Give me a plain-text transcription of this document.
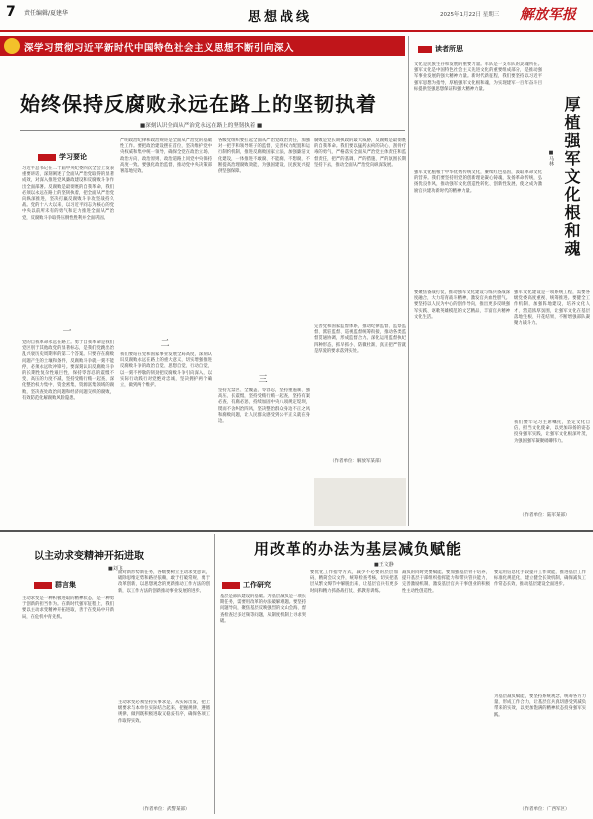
7 责任编辑/夏建华	思想战线	2025年1月22日 星期三 解放军报
深学习贯彻习近平新时代中国特色社会主义思想不断引向深入
始终保持反腐败永远在路上的坚韧执着
■深刻认识全面从严治党永远在路上的坚韧执着 ■
学习要论
习近平总书记在二十届中央纪委四次全会上发表重要讲话，深刻阐述了全面从严治党取得的显著成效，对深入推进党风廉政建设和反腐败斗争作出全面部署。反腐败是最彻底的自我革命，我们必须以永远在路上的坚韧执着，把全面从严治党向纵深推进，坚决打赢反腐败斗争攻坚战持久战。党的十八大以来，以习近平同志为核心的党中央以前所未有的勇气和定力推进全面从严治党，反腐败斗争取得压倒性胜利并全面巩固。
一
党的自我革命永远在路上。勇于自我革命是我们党区别于其他政党的显著标志，是我们党跳出治乱兴衰历史周期率的第二个答案。只要存在腐败问题产生的土壤和条件，反腐败斗争就一刻不能停，必须永远吹冲锋号。要深刻认识反腐败斗争的长期性复杂性艰巨性，保持零容忍的震慑不变、高压的力度不减，坚持受贿行贿一起查，深化整治权力集中、资金密集、资源富集领域的腐败，坚决查处政治问题和经济问题交织的腐败，有效防范化解腐败风险隐患。
严明政治纪律和政治规矩是全面从严治党的基础性工作。要把政治建设摆在首位，坚决维护党中央权威和集中统一领导，确保全党在政治立场、政治方向、政治原则、政治道路上同党中央保持高度一致。要强化政治监督，推动党中央决策部署落地见效。
二
我们要站在党和国家事业发展全局高度，深刻认识反腐败永远在路上的重大意义，切实增强推进反腐败斗争的政治自觉、思想自觉、行动自觉，以一刻不停歇的韧劲把反腐败斗争引向深入，以实际行动践行对党绝对忠诚，坚决拥护两个确立，做到两个维护。
各级党组织要扛起全面从严治党政治责任，加强对一把手和领导班子的监督，完善权力配置和运行制约机制，推进反腐败国家立法，加强廉洁文化建设，一体推进不敢腐、不能腐、不想腐，不断提高治理腐败效能，为强国建设、民族复兴提供坚强保障。
三
坚持无禁区、全覆盖、零容忍，坚持重遏制、强高压、长震慑，坚持受贿行贿一起查，坚持有案必查、有腐必惩，持续加固中央八项规定堤坝，锲而不舍纠治四风，坚决整治群众身边不正之风和腐败问题，让人民群众感受到公平正义就在身边。
腐败是党长期执政的最大威胁，反腐败是最彻底的自我革命。我们要以猛药去疴的决心、刮骨疗毒的勇气、严格落实全面从严治党主体责任和监督责任，把严的基调、严的措施、严的氛围长期坚持下去，推动全面从严治党向纵深发展。
完善党和国家监督体系，推动纪律监督、监察监督、派驻监督、巡视监督统筹衔接，推动各类监督贯通协调，形成监督合力。深化运用监督执纪四种形态，抓早抓小、防微杜渐，真正把严管就是厚爱的要求落到实处。
（作者单位：解放军某部）
读者所思
厚植强军文化根和魂
■马林
文化是民族生存和发展的重要力量。军队是一支军队的灵魂所在。强军文化是中国特色社会主义先进文化的重要组成部分，是推动强军事业发展的强大精神力量。新时代新征程，我们要坚持以习近平强军思想为指导，厚植强军文化根和魂，为实现建军一百年奋斗目标提供坚强思想保证和强大精神力量。
强军文化植根于中华优秀传统文化，赓续红色基因，汲取革命文化的营养。我们要坚持用党的创新理论凝心铸魂，发扬革命传统，弘扬优良作风，推动强军文化创造性转化、创新性发展，使之成为激励官兵建功新时代的精神力量。
要聚焦备战打仗，推动强军文化建设与练兵备战深度融合，大力培育战斗精神，激发官兵血性胆气。要坚持以人民为中心的创作导向，推出更多反映强军实践、讴歌英雄模范的文艺精品，丰富官兵精神文化生活。
强军文化建设是一项系统工程，需要各级党委高度重视、统筹推进。要健全工作机制，加强阵地建设，培养文化人才，营造浓厚氛围，让强军文化在基层落地生根、开花结果，不断增强部队凝聚力战斗力。
我们要牢记习主席嘱托，坚定文化自信，担当文化使命，以更加昂扬的姿态投身强军实践，让强军文化根深叶茂，为强国强军凝聚磅礴伟力。
（作者单位：陆军某部）
以主动求变精神开拓进取
■刘飞
群言集
主动求变是一种积极进取的精神状态，是一种勇于创新的担当作为。在新时代强军征程上，我们要以主动求变精神开拓进取，善于在变局中开新局，在危机中育先机。
面对新形势新任务，各级要树立主动求变意识，破除思维定势和路径依赖，敢于打破常规、勇于改革创新，以思想观念的更新推动工作方法的创新，以工作方法的创新推动事业发展的进步。
主动求变必须坚持实事求是，从实际出发，把上级要求与本单位实际结合起来，把握规律、遵循规律，做到既积极进取又稳妥有序，确保各项工作取得实效。
（作者单位：武警某部）
用改革的办法为基层减负赋能
■王文静
工作研究
基层是部队建设的基础。为基层减负是一项长期任务，需要用改革的办法破解难题。要坚持问题导向，聚焦基层反映强烈的文山会海、督查检查过多过频等问题，从制度机制上寻求突破。
要优化工作指导方式，减少不必要的层层加码，精简会议文件，统筹检查考核，切实把基层从繁文缛节中解脱出来，让基层官兵有更多时间和精力抓备战打仗、抓教育训练。
减负的同时更要赋能。要加强基层骨干培养，提升基层干部组织指挥能力和带兵管兵能力，完善激励机制，激发基层官兵干事创业的积极性主动性创造性。
要运用信息化手段提升工作效能，推进基层工作标准化规范化，建立健全长效机制，确保减负工作常态长效，推动基层建设全面进步。
为基层减负赋能，要坚持系统观念，统筹各方力量，形成工作合力，让基层官兵真切感受到减负带来的实效，以更加饱满的精神状态投身强军实践。
（作者单位：广西军区）
